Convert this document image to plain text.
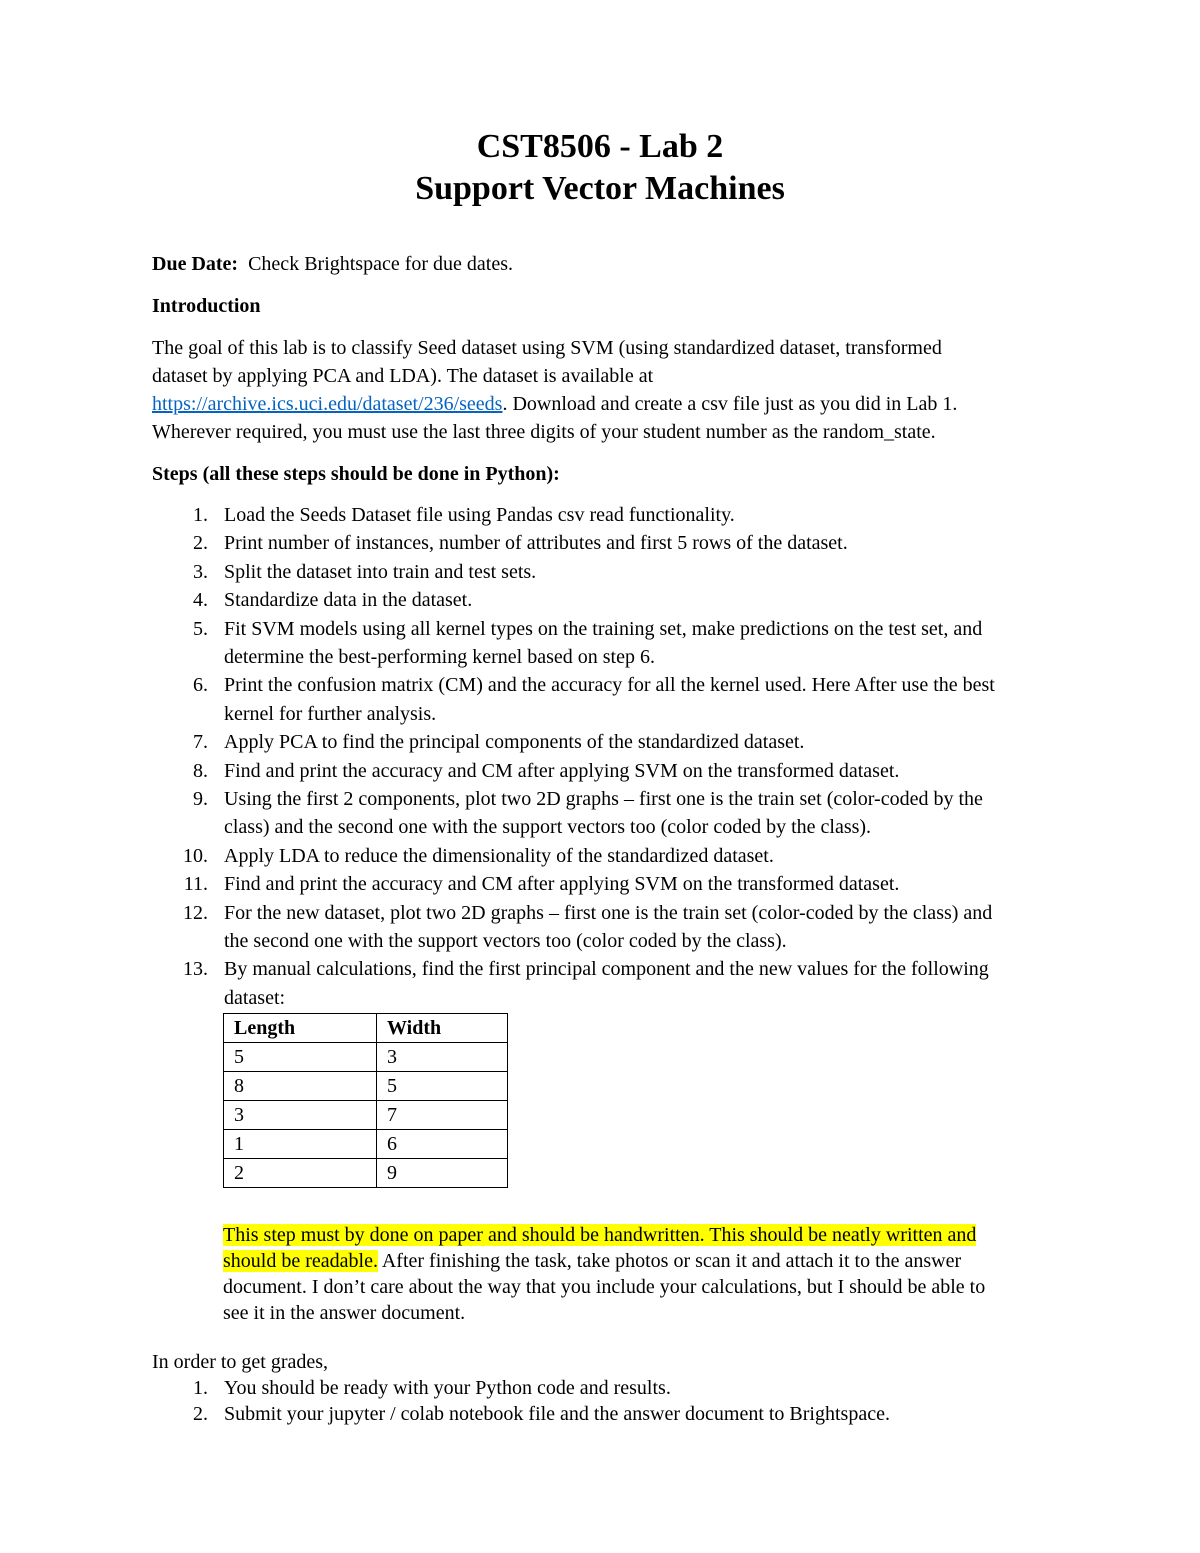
CST8506 - Lab 2
Support Vector Machines
Due Date: Check Brightspace for due dates.
Introduction
The goal of this lab is to classify Seed dataset using SVM (using standardized dataset, transformed
dataset by applying PCA and LDA). The dataset is available at
https://archive.ics.uci.edu/dataset/236/seeds. Download and create a csv file just as you did in Lab 1.
Wherever required, you must use the last three digits of your student number as the random_state.
Steps (all these steps should be done in Python):
1. Load the Seeds Dataset file using Pandas csv read functionality.
2. Print number of instances, number of attributes and first 5 rows of the dataset.
3. Split the dataset into train and test sets.
4. Standardize data in the dataset.
5. Fit SVM models using all kernel types on the training set, make predictions on the test set, and
determine the best-performing kernel based on step 6.
6. Print the confusion matrix (CM) and the accuracy for all the kernel used. Here After use the best
kernel for further analysis.
7. Apply PCA to find the principal components of the standardized dataset.
8. Find and print the accuracy and CM after applying SVM on the transformed dataset.
9. Using the first 2 components, plot two 2D graphs – first one is the train set (color-coded by the
class) and the second one with the support vectors too (color coded by the class).
10. Apply LDA to reduce the dimensionality of the standardized dataset.
11. Find and print the accuracy and CM after applying SVM on the transformed dataset.
12. For the new dataset, plot two 2D graphs – first one is the train set (color-coded by the class) and
the second one with the support vectors too (color coded by the class).
13. By manual calculations, find the first principal component and the new values for the following
dataset:
Length	Width
5	3
8	5
3	7
1	6
2	9
This step must by done on paper and should be handwritten. This should be neatly written and
should be readable. After finishing the task, take photos or scan it and attach it to the answer
document. I don’t care about the way that you include your calculations, but I should be able to
see it in the answer document.
In order to get grades,
1. You should be ready with your Python code and results.
2. Submit your jupyter / colab notebook file and the answer document to Brightspace.
